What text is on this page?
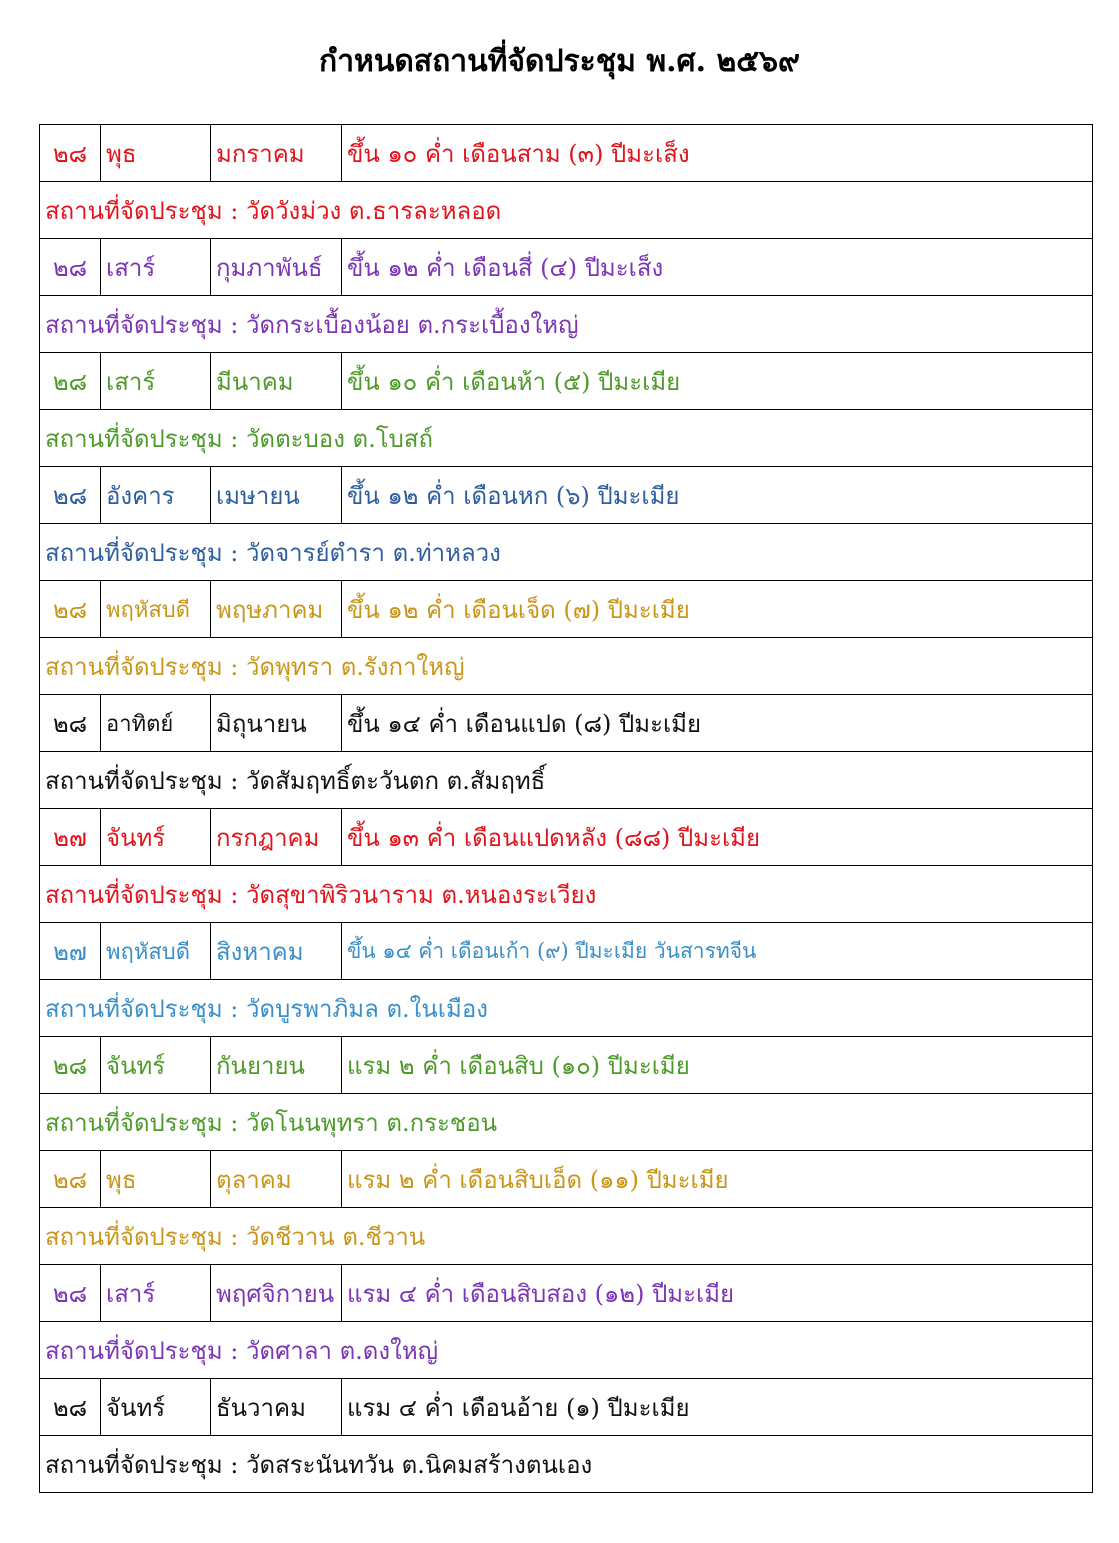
กำหนดสถานที่จัดประชุม พ.ศ. ๒๕๖๙
๒๘	พุธ	มกราคม	ขึ้น ๑๐ ค่ำ เดือนสาม (๓) ปีมะเส็ง
สถานที่จัดประชุม : วัดวังม่วง ต.ธารละหลอด			
๒๘	เสาร์	กุมภาพันธ์	ขึ้น ๑๒ ค่ำ เดือนสี่ (๔) ปีมะเส็ง
สถานที่จัดประชุม : วัดกระเบื้องน้อย ต.กระเบื้องใหญ่			
๒๘	เสาร์	มีนาคม	ขึ้น ๑๐ ค่ำ เดือนห้า (๕) ปีมะเมีย
สถานที่จัดประชุม : วัดตะบอง ต.โบสถ์			
๒๘	อังคาร	เมษายน	ขึ้น ๑๒ ค่ำ เดือนหก (๖) ปีมะเมีย
สถานที่จัดประชุม : วัดจารย์ตำรา ต.ท่าหลวง			
๒๘	พฤหัสบดี	พฤษภาคม	ขึ้น ๑๒ ค่ำ เดือนเจ็ด (๗) ปีมะเมีย
สถานที่จัดประชุม : วัดพุทรา ต.รังกาใหญ่			
๒๘	อาทิตย์	มิถุนายน	ขึ้น ๑๔ ค่ำ เดือนแปด (๘) ปีมะเมีย
สถานที่จัดประชุม : วัดสัมฤทธิ์ตะวันตก ต.สัมฤทธิ์			
๒๗	จันทร์	กรกฎาคม	ขึ้น ๑๓ ค่ำ เดือนแปดหลัง (๘๘) ปีมะเมีย
สถานที่จัดประชุม : วัดสุขาพิริวนาราม ต.หนองระเวียง			
๒๗	พฤหัสบดี	สิงหาคม	ขึ้น ๑๔ ค่ำ เดือนเก้า (๙) ปีมะเมีย วันสารทจีน
สถานที่จัดประชุม : วัดบูรพาภิมล ต.ในเมือง			
๒๘	จันทร์	กันยายน	แรม ๒ ค่ำ เดือนสิบ (๑๐) ปีมะเมีย
สถานที่จัดประชุม : วัดโนนพุทรา ต.กระชอน			
๒๘	พุธ	ตุลาคม	แรม ๒ ค่ำ เดือนสิบเอ็ด (๑๑) ปีมะเมีย
สถานที่จัดประชุม : วัดชีวาน ต.ชีวาน			
๒๘	เสาร์	พฤศจิกายน	แรม ๔ ค่ำ เดือนสิบสอง (๑๒) ปีมะเมีย
สถานที่จัดประชุม : วัดศาลา ต.ดงใหญ่			
๒๘	จันทร์	ธันวาคม	แรม ๔ ค่ำ เดือนอ้าย (๑) ปีมะเมีย
สถานที่จัดประชุม : วัดสระนันทวัน ต.นิคมสร้างตนเอง			
